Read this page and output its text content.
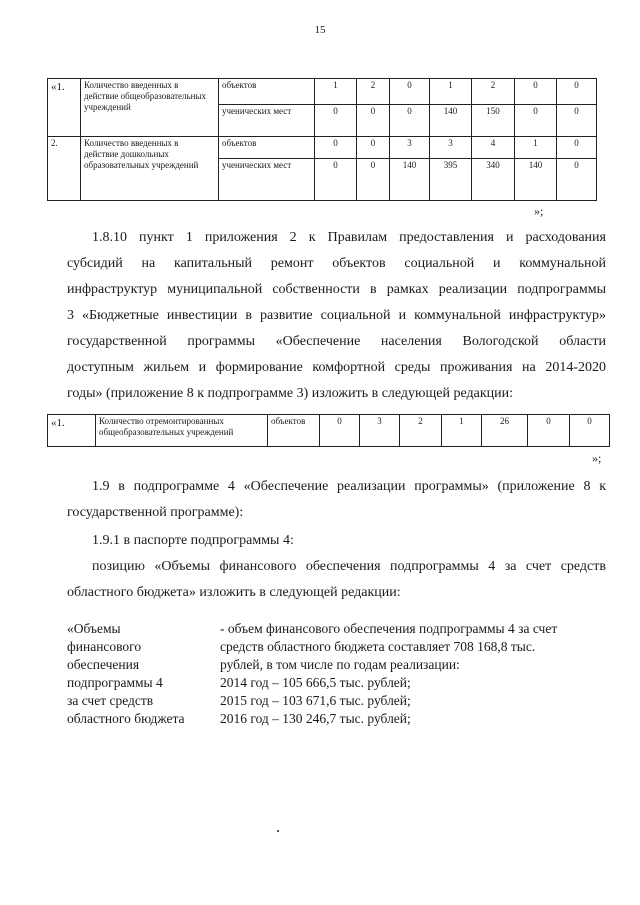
15
«1.	Количество введенных в действие общеобразовательных учреждений	объектов	1	2	0	1	2	0	0
		ученических мест	0	0	0	140	150	0	0
2.	Количество введенных в действие дошкольных образовательных учреждений	объектов	0	0	3	3	4	1	0
		ученических мест	0	0	140	395	340	140	0
»;
1.8.10 пункт 1 приложения 2 к Правилам предоставления и расходования
субсидий на капитальный ремонт объектов социальной и коммунальной
инфраструктур муниципальной собственности в рамках реализации подпрограммы
3 «Бюджетные инвестиции в развитие социальной и коммунальной инфраструктур»
государственной программы «Обеспечение населения Вологодской области
доступным жильем и формирование комфортной среды проживания на 2014-2020
годы» (приложение 8 к подпрограмме 3) изложить в следующей редакции:
«1.	Количество отремонтированных общеобразовательных учреждений	объектов	0	3	2	1	26	0	0
»;
1.9 в подпрограмме 4 «Обеспечение реализации программы» (приложение 8 к
государственной программе):
1.9.1 в паспорте подпрограммы 4:
позицию «Объемы финансового обеспечения подпрограммы 4 за счет средств
областного бюджета» изложить в следующей редакции:
«Объемы
финансового
обеспечения
подпрограммы 4
за счет средств
областного бюджета
- объем финансового обеспечения подпрограммы 4 за счет
средств областного бюджета составляет 708 168,8 тыс.
рублей, в том числе по годам реализации:
2014 год – 105 666,5 тыс. рублей;
2015 год – 103 671,6 тыс. рублей;
2016 год – 130 246,7 тыс. рублей;
